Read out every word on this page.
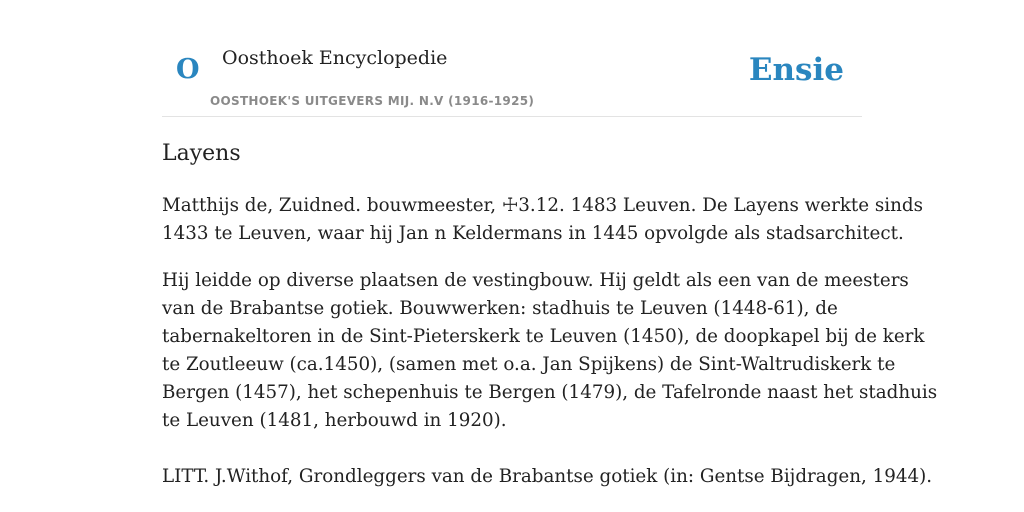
O Oosthoek Encyclopedie
OOSTHOEK'S UITGEVERS MIJ. N.V (1916-1925)
Ensie
Layens

Matthijs de, Zuidned. bouwmeester, ☩3.12. 1483 Leuven. De Layens werkte sinds
1433 te Leuven, waar hij Jan n Keldermans in 1445 opvolgde als stadsarchitect.

Hij leidde op diverse plaatsen de vestingbouw. Hij geldt als een van de meesters
van de Brabantse gotiek. Bouwwerken: stadhuis te Leuven (1448-61), de
tabernakeltoren in de Sint-Pieterskerk te Leuven (1450), de doopkapel bij de kerk
te Zoutleeuw (ca.1450), (samen met o.a. Jan Spijkens) de Sint-Waltrudiskerk te
Bergen (1457), het schepenhuis te Bergen (1479), de Tafelronde naast het stadhuis
te Leuven (1481, herbouwd in 1920).

LITT. J.Withof, Grondleggers van de Brabantse gotiek (in: Gentse Bijdragen, 1944).
